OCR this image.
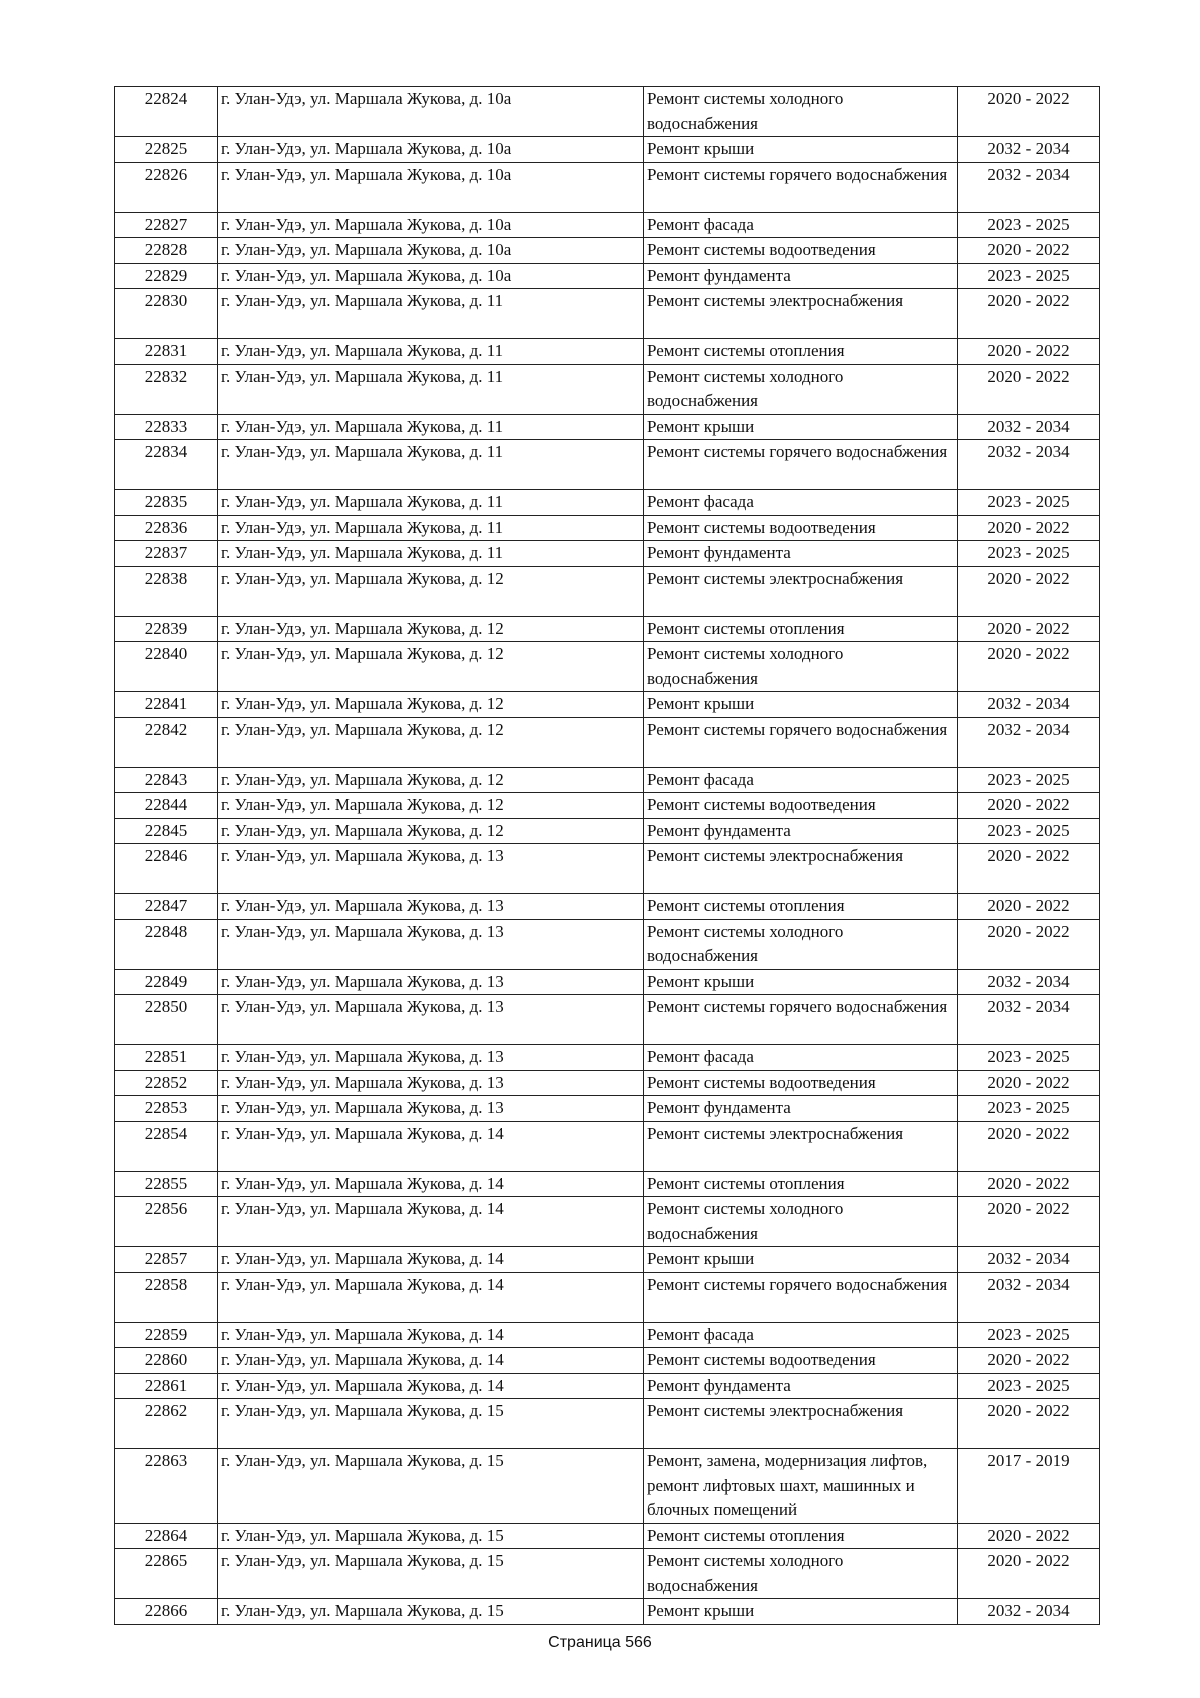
22824	г. Улан-Удэ, ул. Маршала Жукова, д. 10а	Ремонт системы холодного водоснабжения	2020 - 2022
22825	г. Улан-Удэ, ул. Маршала Жукова, д. 10а	Ремонт крыши	2032 - 2034
22826	г. Улан-Удэ, ул. Маршала Жукова, д. 10а	Ремонт системы горячего водоснабжения	2032 - 2034
22827	г. Улан-Удэ, ул. Маршала Жукова, д. 10а	Ремонт фасада	2023 - 2025
22828	г. Улан-Удэ, ул. Маршала Жукова, д. 10а	Ремонт системы водоотведения	2020 - 2022
22829	г. Улан-Удэ, ул. Маршала Жукова, д. 10а	Ремонт фундамента	2023 - 2025
22830	г. Улан-Удэ, ул. Маршала Жукова, д. 11	Ремонт системы электроснабжения	2020 - 2022
22831	г. Улан-Удэ, ул. Маршала Жукова, д. 11	Ремонт системы отопления	2020 - 2022
22832	г. Улан-Удэ, ул. Маршала Жукова, д. 11	Ремонт системы холодного водоснабжения	2020 - 2022
22833	г. Улан-Удэ, ул. Маршала Жукова, д. 11	Ремонт крыши	2032 - 2034
22834	г. Улан-Удэ, ул. Маршала Жукова, д. 11	Ремонт системы горячего водоснабжения	2032 - 2034
22835	г. Улан-Удэ, ул. Маршала Жукова, д. 11	Ремонт фасада	2023 - 2025
22836	г. Улан-Удэ, ул. Маршала Жукова, д. 11	Ремонт системы водоотведения	2020 - 2022
22837	г. Улан-Удэ, ул. Маршала Жукова, д. 11	Ремонт фундамента	2023 - 2025
22838	г. Улан-Удэ, ул. Маршала Жукова, д. 12	Ремонт системы электроснабжения	2020 - 2022
22839	г. Улан-Удэ, ул. Маршала Жукова, д. 12	Ремонт системы отопления	2020 - 2022
22840	г. Улан-Удэ, ул. Маршала Жукова, д. 12	Ремонт системы холодного водоснабжения	2020 - 2022
22841	г. Улан-Удэ, ул. Маршала Жукова, д. 12	Ремонт крыши	2032 - 2034
22842	г. Улан-Удэ, ул. Маршала Жукова, д. 12	Ремонт системы горячего водоснабжения	2032 - 2034
22843	г. Улан-Удэ, ул. Маршала Жукова, д. 12	Ремонт фасада	2023 - 2025
22844	г. Улан-Удэ, ул. Маршала Жукова, д. 12	Ремонт системы водоотведения	2020 - 2022
22845	г. Улан-Удэ, ул. Маршала Жукова, д. 12	Ремонт фундамента	2023 - 2025
22846	г. Улан-Удэ, ул. Маршала Жукова, д. 13	Ремонт системы электроснабжения	2020 - 2022
22847	г. Улан-Удэ, ул. Маршала Жукова, д. 13	Ремонт системы отопления	2020 - 2022
22848	г. Улан-Удэ, ул. Маршала Жукова, д. 13	Ремонт системы холодного водоснабжения	2020 - 2022
22849	г. Улан-Удэ, ул. Маршала Жукова, д. 13	Ремонт крыши	2032 - 2034
22850	г. Улан-Удэ, ул. Маршала Жукова, д. 13	Ремонт системы горячего водоснабжения	2032 - 2034
22851	г. Улан-Удэ, ул. Маршала Жукова, д. 13	Ремонт фасада	2023 - 2025
22852	г. Улан-Удэ, ул. Маршала Жукова, д. 13	Ремонт системы водоотведения	2020 - 2022
22853	г. Улан-Удэ, ул. Маршала Жукова, д. 13	Ремонт фундамента	2023 - 2025
22854	г. Улан-Удэ, ул. Маршала Жукова, д. 14	Ремонт системы электроснабжения	2020 - 2022
22855	г. Улан-Удэ, ул. Маршала Жукова, д. 14	Ремонт системы отопления	2020 - 2022
22856	г. Улан-Удэ, ул. Маршала Жукова, д. 14	Ремонт системы холодного водоснабжения	2020 - 2022
22857	г. Улан-Удэ, ул. Маршала Жукова, д. 14	Ремонт крыши	2032 - 2034
22858	г. Улан-Удэ, ул. Маршала Жукова, д. 14	Ремонт системы горячего водоснабжения	2032 - 2034
22859	г. Улан-Удэ, ул. Маршала Жукова, д. 14	Ремонт фасада	2023 - 2025
22860	г. Улан-Удэ, ул. Маршала Жукова, д. 14	Ремонт системы водоотведения	2020 - 2022
22861	г. Улан-Удэ, ул. Маршала Жукова, д. 14	Ремонт фундамента	2023 - 2025
22862	г. Улан-Удэ, ул. Маршала Жукова, д. 15	Ремонт системы электроснабжения	2020 - 2022
22863	г. Улан-Удэ, ул. Маршала Жукова, д. 15	Ремонт, замена, модернизация лифтов, ремонт лифтовых шахт, машинных и блочных помещений	2017 - 2019
22864	г. Улан-Удэ, ул. Маршала Жукова, д. 15	Ремонт системы отопления	2020 - 2022
22865	г. Улан-Удэ, ул. Маршала Жукова, д. 15	Ремонт системы холодного водоснабжения	2020 - 2022
22866	г. Улан-Удэ, ул. Маршала Жукова, д. 15	Ремонт крыши	2032 - 2034
Страница 566
